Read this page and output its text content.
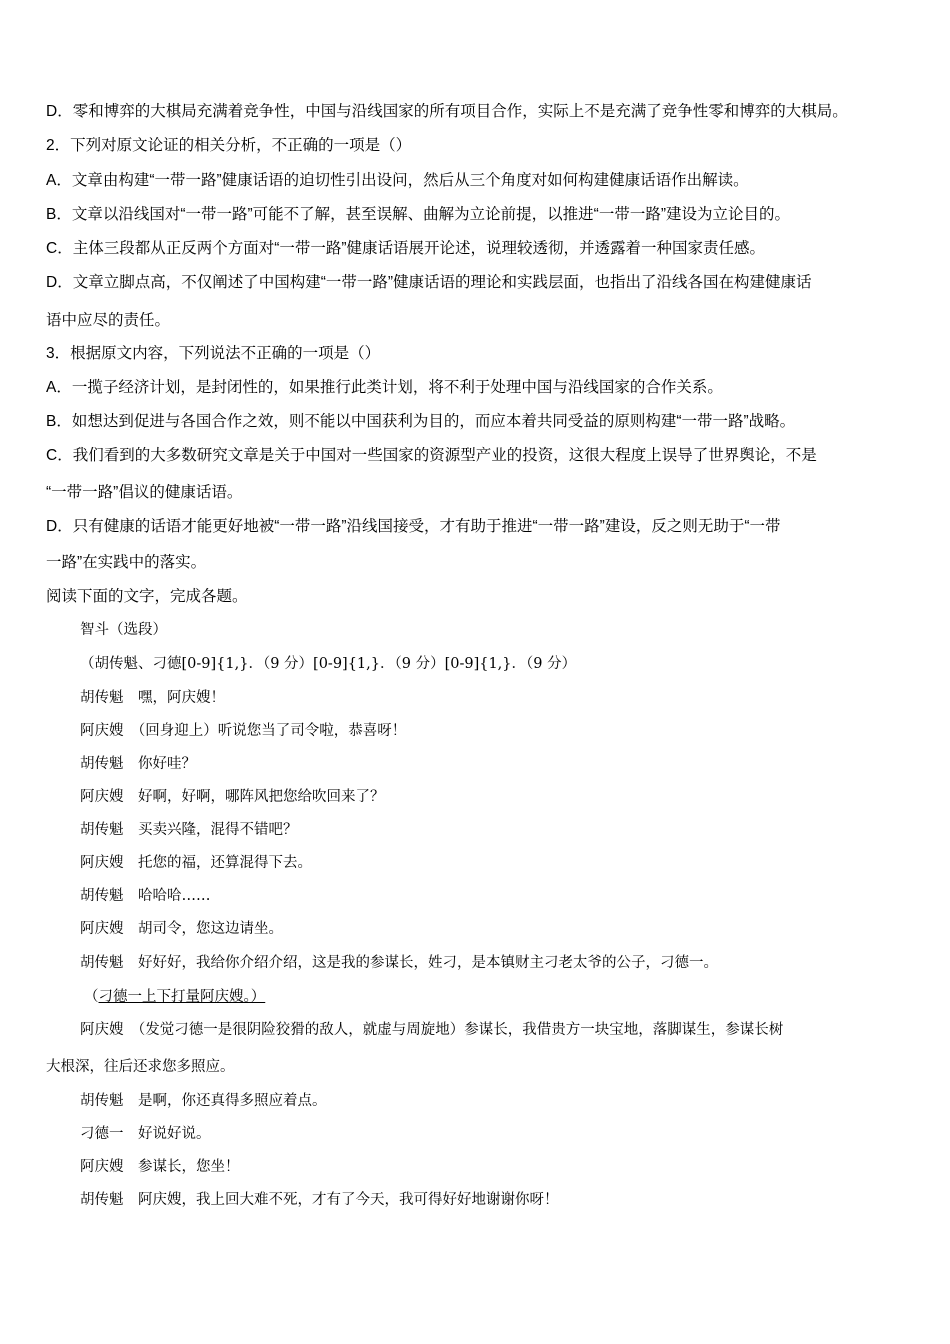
D．零和博弈的大棋局充满着竞争性，中国与沿线国家的所有项目合作，实际上不是充满了竞争性零和博弈的大棋局。
2．下列对原文论证的相关分析，不正确的一项是（）
A．文章由构建“一带一路”健康话语的迫切性引出设问，然后从三个角度对如何构建健康话语作出解读。
B．文章以沿线国对“一带一路”可能不了解，甚至误解、曲解为立论前提，以推进“一带一路”建设为立论目的。
C．主体三段都从正反两个方面对“一带一路”健康话语展开论述，说理较透彻，并透露着一种国家责任感。
D．文章立脚点高，不仅阐述了中国构建“一带一路”健康话语的理论和实践层面，也指出了沿线各国在构建健康话
语中应尽的责任。
3．根据原文内容，下列说法不正确的一项是（）
A．一揽子经济计划，是封闭性的，如果推行此类计划，将不利于处理中国与沿线国家的合作关系。
B．如想达到促进与各国合作之效，则不能以中国获利为目的，而应本着共同受益的原则构建“一带一路”战略。
C．我们看到的大多数研究文章是关于中国对一些国家的资源型产业的投资，这很大程度上误导了世界舆论，不是
“一带一路”倡议的健康话语。
D．只有健康的话语才能更好地被“一带一路”沿线国接受，才有助于推进“一带一路”建设，反之则无助于“一带
一路”在实践中的落实。
阅读下面的文字，完成各题。
智斗（选段）
（胡传魁、刁德[0-9]{1,}．（9 分）[0-9]{1,}．（9 分）[0-9]{1,}．（9 分）
胡传魁　嘿，阿庆嫂！
阿庆嫂　（回身迎上）听说您当了司令啦，恭喜呀！
胡传魁　你好哇？
阿庆嫂　好啊，好啊，哪阵风把您给吹回来了？
胡传魁　买卖兴隆，混得不错吧？
阿庆嫂　托您的福，还算混得下去。
胡传魁　哈哈哈……
阿庆嫂　胡司令，您这边请坐。
胡传魁　好好好，我给你介绍介绍，这是我的参谋长，姓刁，是本镇财主刁老太爷的公子，刁德一。
（刁德一上下打量阿庆嫂。）
阿庆嫂　（发觉刁德一是很阴险狡猾的敌人，就虚与周旋地）参谋长，我借贵方一块宝地，落脚谋生，参谋长树
大根深，往后还求您多照应。
胡传魁　是啊，你还真得多照应着点。
刁德一　好说好说。
阿庆嫂　参谋长，您坐！
胡传魁　阿庆嫂，我上回大难不死，才有了今天，我可得好好地谢谢你呀！
